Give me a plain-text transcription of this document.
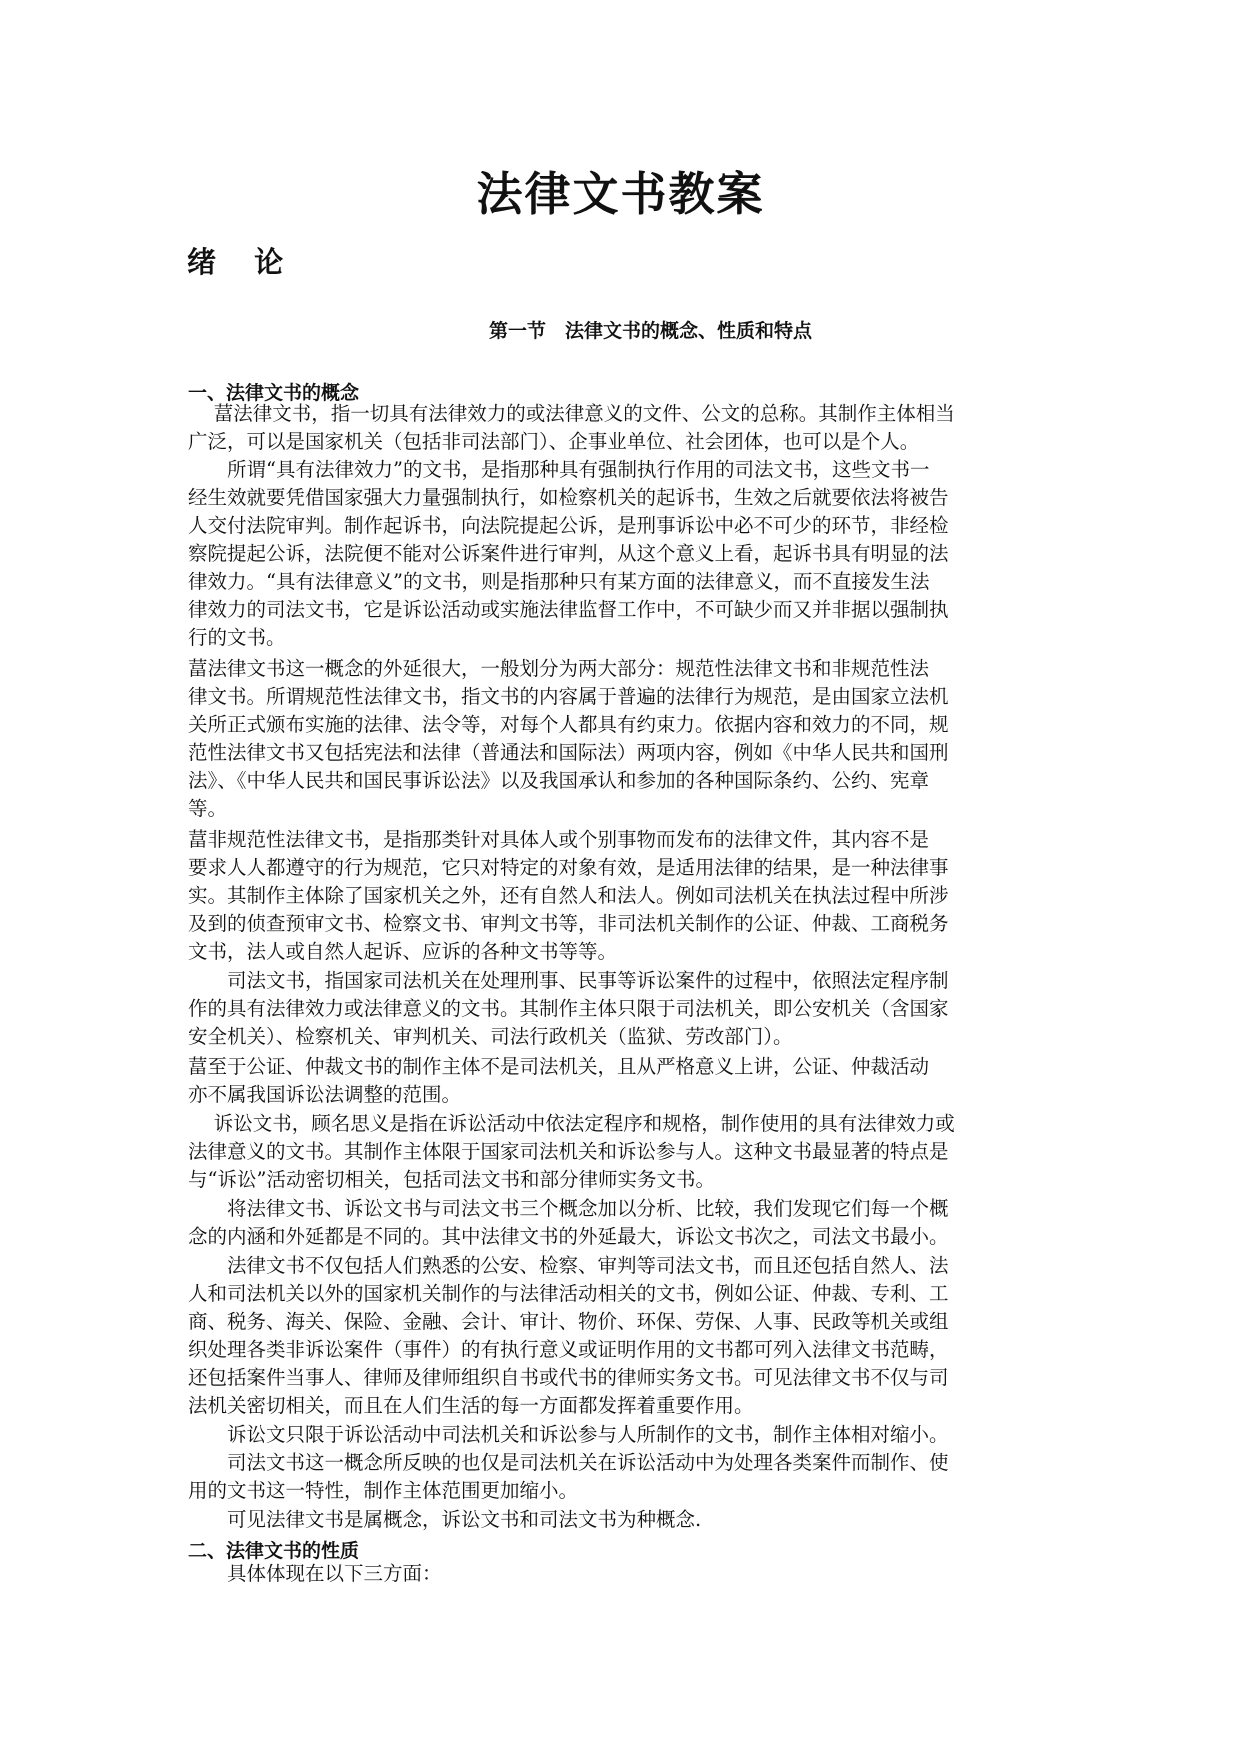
法律文书教案
绪 论
第一节　法律文书的概念、性质和特点
一、法律文书的概念

　 葍法律文书，指一切具有法律效力的或法律意义的文件、公文的总称。其制作主体相当

广泛，可以是国家机关（包括非司法部门）、企事业单位、社会团体，也可以是个人。

　　所谓“具有法律效力”的文书，是指那种具有强制执行作用的司法文书，这些文书一

经生效就要凭借国家强大力量强制执行，如检察机关的起诉书，生效之后就要依法将被告

人交付法院审判。制作起诉书，向法院提起公诉，是刑事诉讼中必不可少的环节，非经检

察院提起公诉，法院便不能对公诉案件进行审判，从这个意义上看，起诉书具有明显的法

律效力。“具有法律意义”的文书，则是指那种只有某方面的法律意义，而不直接发生法

律效力的司法文书，它是诉讼活动或实施法律监督工作中，不可缺少而又并非据以强制执

行的文书。

葍法律文书这一概念的外延很大，一般划分为两大部分：规范性法律文书和非规范性法

律文书。所谓规范性法律文书，指文书的内容属于普遍的法律行为规范，是由国家立法机

关所正式颁布实施的法律、法令等，对每个人都具有约束力。依据内容和效力的不同，规

范性法律文书又包括宪法和法律（普通法和国际法）两项内容，例如《中华人民共和国刑

法》、《中华人民共和国民事诉讼法》以及我国承认和参加的各种国际条约、公约、宪章

等。

葍非规范性法律文书，是指那类针对具体人或个别事物而发布的法律文件，其内容不是

要求人人都遵守的行为规范，它只对特定的对象有效，是适用法律的结果，是一种法律事

实。其制作主体除了国家机关之外，还有自然人和法人。例如司法机关在执法过程中所涉

及到的侦查预审文书、检察文书、审判文书等，非司法机关制作的公证、仲裁、工商税务

文书，法人或自然人起诉、应诉的各种文书等等。

　　司法文书，指国家司法机关在处理刑事、民事等诉讼案件的过程中，依照法定程序制

作的具有法律效力或法律意义的文书。其制作主体只限于司法机关，即公安机关（含国家

安全机关）、检察机关、审判机关、司法行政机关（监狱、劳改部门）。

葍至于公证、仲裁文书的制作主体不是司法机关，且从严格意义上讲，公证、仲裁活动

亦不属我国诉讼法调整的范围。

　 诉讼文书，顾名思义是指在诉讼活动中依法定程序和规格，制作使用的具有法律效力或

法律意义的文书。其制作主体限于国家司法机关和诉讼参与人。这种文书最显著的特点是

与“诉讼”活动密切相关，包括司法文书和部分律师实务文书。

　　将法律文书、诉讼文书与司法文书三个概念加以分析、比较，我们发现它们每一个概

念的内涵和外延都是不同的。其中法律文书的外延最大，诉讼文书次之，司法文书最小。

　　法律文书不仅包括人们熟悉的公安、检察、审判等司法文书，而且还包括自然人、法

人和司法机关以外的国家机关制作的与法律活动相关的文书，例如公证、仲裁、专利、工

商、税务、海关、保险、金融、会计、审计、物价、环保、劳保、人事、民政等机关或组

织处理各类非诉讼案件（事件）的有执行意义或证明作用的文书都可列入法律文书范畴，

还包括案件当事人、律师及律师组织自书或代书的律师实务文书。可见法律文书不仅与司

法机关密切相关，而且在人们生活的每一方面都发挥着重要作用。

　　诉讼文只限于诉讼活动中司法机关和诉讼参与人所制作的文书，制作主体相对缩小。

　　司法文书这一概念所反映的也仅是司法机关在诉讼活动中为处理各类案件而制作、使

用的文书这一特性，制作主体范围更加缩小。

　　可见法律文书是属概念，诉讼文书和司法文书为种概念.

二、法律文书的性质

　　具体体现在以下三方面：
